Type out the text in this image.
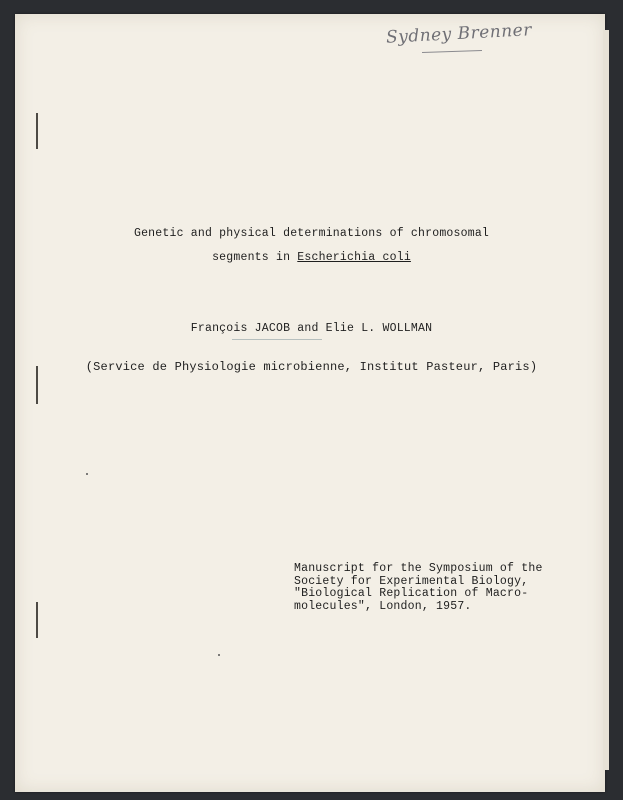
Sydney Brenner
Genetic and physical determinations of chromosomal
segments in Escherichia coli
François JACOB and Elie L. WOLLMAN
(Service de Physiologie microbienne, Institut Pasteur, Paris)
Manuscript for the Symposium of the
Society for Experimental Biology,
"Biological Replication of Macro-
molecules", London, 1957.
